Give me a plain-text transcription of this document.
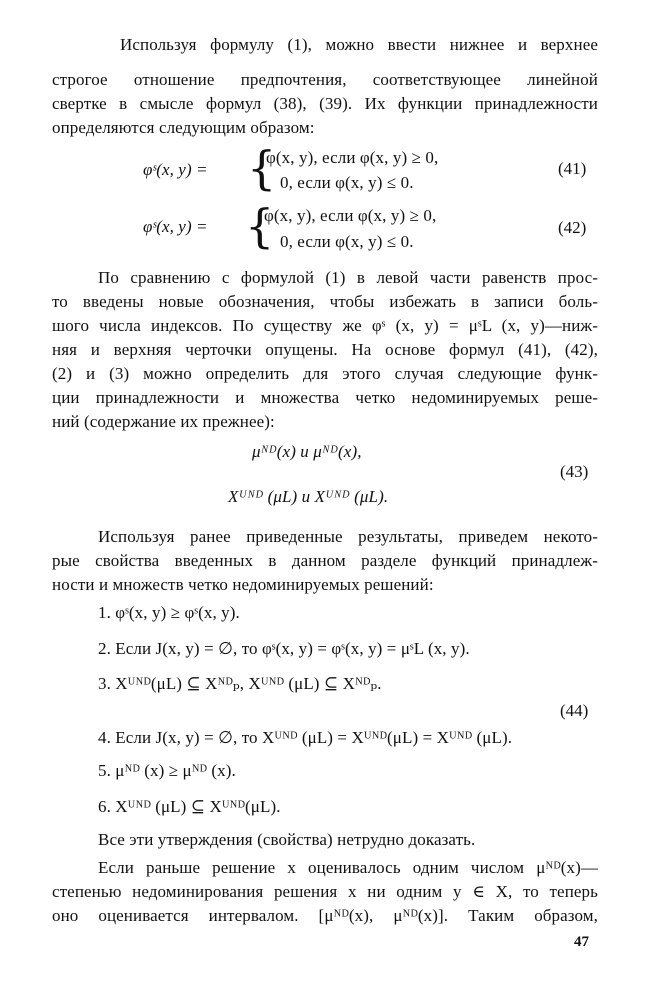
Используя формулу (1), можно ввести нижнее и верхнее
строгое отношение предпочтения, соответствующее линейной
свертке в смысле формул (38), (39). Их функции принадлежности
определяются следующим образом:
φˢ(x, y) = {
φ(x, y), если φ(x, y) ≥ 0,
0, если φ(x, y) ≤ 0.
(41)
φˢ(x, y) = {
φ(x, y), если φ(x, y) ≥ 0,
0, если φ(x, y) ≤ 0.
(42)
По сравнению с формулой (1) в левой части равенств прос-
то введены новые обозначения, чтобы избежать в записи боль-
шого числа индексов. По существу же φˢ (x, y) = μˢL (x, y)—ниж-
няя и верхняя черточки опущены. На основе формул (41), (42),
(2) и (3) можно определить для этого случая следующие функ-
ции принадлежности и множества четко недоминируемых реше-
ний (содержание их прежнее):
μᴺᴰ(x) и μᴺᴰ(x),
Xᵁᴺᴰ (μL) и Xᵁᴺᴰ (μL).
(43)
Используя ранее приведенные результаты, приведем некото-
рые свойства введенных в данном разделе функций принадлеж-
ности и множеств четко недоминируемых решений:
1. φˢ(x, y) ≥ φˢ(x, y).
2. Если J(x, y) = ∅, то φˢ(x, y) = φˢ(x, y) = μˢL (x, y).
3. Xᵁᴺᴰ(μL) ⊆ Xᴺᴰₚ, Xᵁᴺᴰ (μL) ⊆ Xᴺᴰₚ.
(44)
4. Если J(x, y) = ∅, то Xᵁᴺᴰ (μL) = Xᵁᴺᴰ(μL) = Xᵁᴺᴰ (μL).
5. μᴺᴰ (x) ≥ μᴺᴰ (x).
6. Xᵁᴺᴰ (μL) ⊆ Xᵁᴺᴰ(μL).
Все эти утверждения (свойства) нетрудно доказать.
Если раньше решение x оценивалось одним числом μᴺᴰ(x)—
степенью недоминирования решения x ни одним y ∈ X, то теперь
оно оценивается интервалом. [μᴺᴰ(x), μᴺᴰ(x)]. Таким образом,
47
